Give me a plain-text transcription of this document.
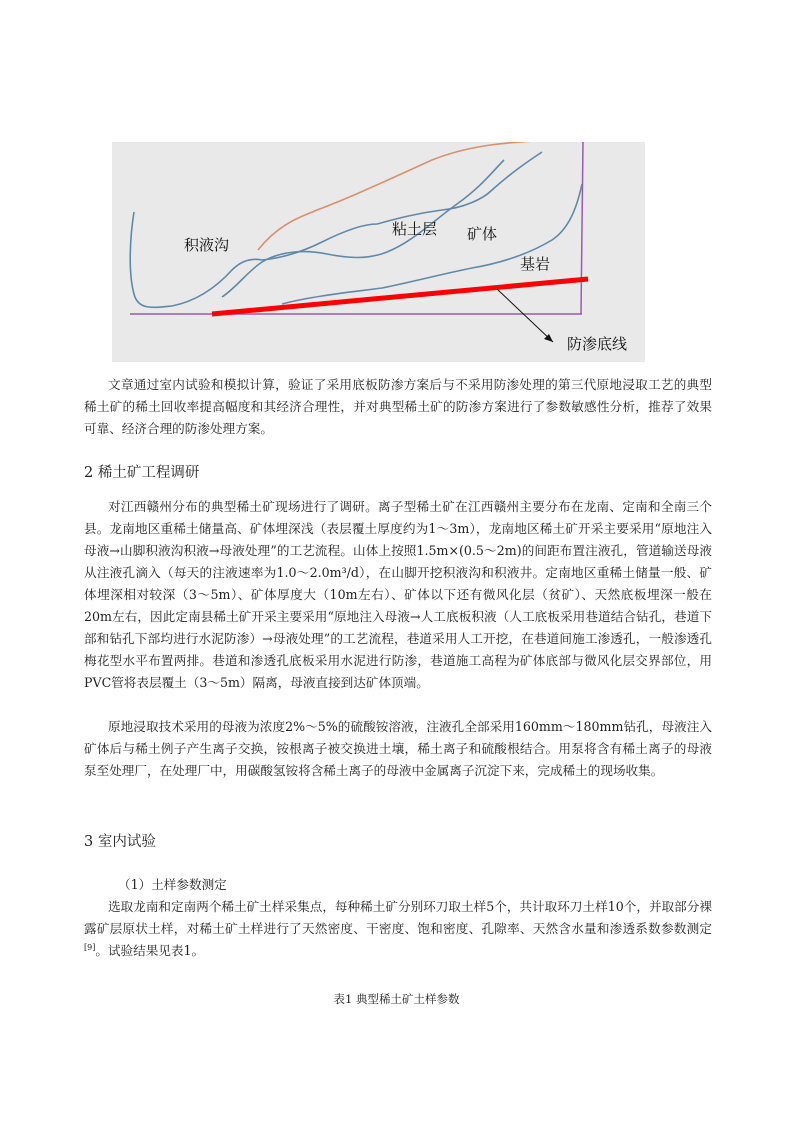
积液沟
粘土层 矿体
基岩
防渗底线

文章通过室内试验和模拟计算，验证了采用底板防渗方案后与不采用防渗处理的第三代原地浸取工艺的典型稀土矿的稀土回收率提高幅度和其经济合理性，并对典型稀土矿的防渗方案进行了参数敏感性分析，推荐了效果可靠、经济合理的防渗处理方案。

2 稀土矿工程调研

对江西赣州分布的典型稀土矿现场进行了调研。离子型稀土矿在江西赣州主要分布在龙南、定南和全南三个县。龙南地区重稀土储量高、矿体埋深浅（表层覆土厚度约为1～3m），龙南地区稀土矿开采主要采用“原地注入母液→山脚积液沟积液→母液处理”的工艺流程。山体上按照1.5m×(0.5～2m)的间距布置注液孔，管道输送母液从注液孔滴入（每天的注液速率为1.0～2.0m³/d），在山脚开挖积液沟和积液井。定南地区重稀土储量一般、矿体埋深相对较深（3～5m）、矿体厚度大（10m左右）、矿体以下还有微风化层（贫矿）、天然底板埋深一般在20m左右，因此定南县稀土矿开采主要采用“原地注入母液→人工底板积液（人工底板采用巷道结合钻孔，巷道下部和钻孔下部均进行水泥防渗）→母液处理”的工艺流程，巷道采用人工开挖，在巷道间施工渗透孔，一般渗透孔梅花型水平布置两排。巷道和渗透孔底板采用水泥进行防渗，巷道施工高程为矿体底部与微风化层交界部位，用PVC管将表层覆土（3～5m）隔离，母液直接到达矿体顶端。

原地浸取技术采用的母液为浓度2%～5%的硫酸铵溶液，注液孔全部采用160mm～180mm钻孔，母液注入矿体后与稀土例子产生离子交换，铵根离子被交换进土壤，稀土离子和硫酸根结合。用泵将含有稀土离子的母液泵至处理厂，在处理厂中，用碳酸氢铵将含稀土离子的母液中金属离子沉淀下来，完成稀土的现场收集。

3 室内试验

（1）土样参数测定

选取龙南和定南两个稀土矿土样采集点，每种稀土矿分别环刀取土样5个，共计取环刀土样10个，并取部分裸露矿层原状土样，对稀土矿土样进行了天然密度、干密度、饱和密度、孔隙率、天然含水量和渗透系数参数测定[9]。试验结果见表1。

表1 典型稀土矿土样参数
